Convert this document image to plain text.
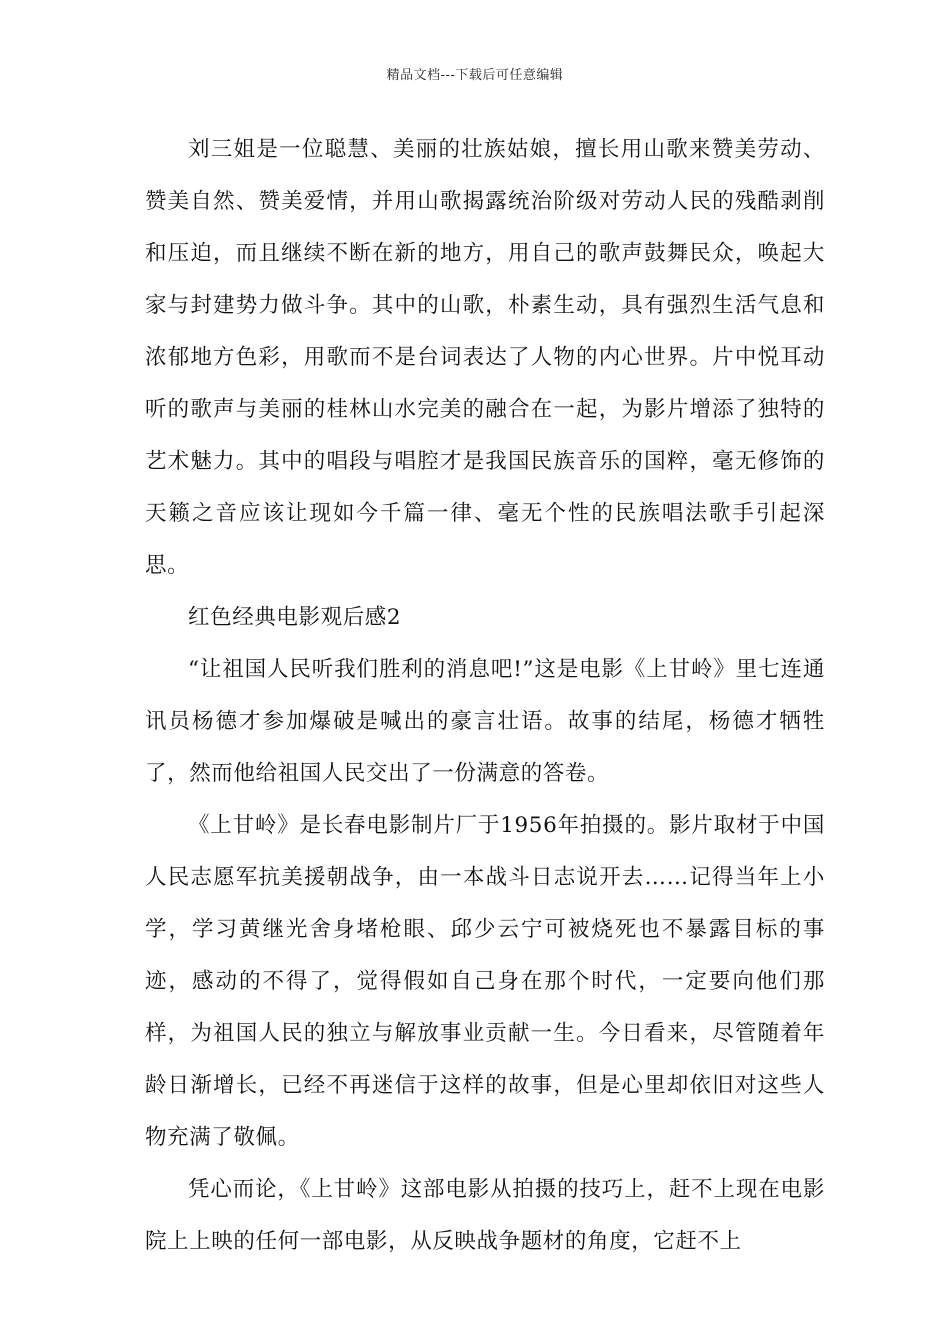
精品文档---下载后可任意编辑

刘三姐是一位聪慧、美丽的壮族姑娘，擅长用山歌来赞美劳动、赞美自然、赞美爱情，并用山歌揭露统治阶级对劳动人民的残酷剥削和压迫，而且继续不断在新的地方，用自己的歌声鼓舞民众，唤起大家与封建势力做斗争。其中的山歌，朴素生动，具有强烈生活气息和浓郁地方色彩，用歌而不是台词表达了人物的内心世界。片中悦耳动听的歌声与美丽的桂林山水完美的融合在一起，为影片增添了独特的艺术魅力。其中的唱段与唱腔才是我国民族音乐的国粹，毫无修饰的天籁之音应该让现如今千篇一律、毫无个性的民族唱法歌手引起深思。

红色经典电影观后感2

“让祖国人民听我们胜利的消息吧!”这是电影《上甘岭》里七连通讯员杨德才参加爆破是喊出的豪言壮语。故事的结尾，杨德才牺牲了，然而他给祖国人民交出了一份满意的答卷。

《上甘岭》是长春电影制片厂于1956年拍摄的。影片取材于中国人民志愿军抗美援朝战争，由一本战斗日志说开去……记得当年上小学，学习黄继光舍身堵枪眼、邱少云宁可被烧死也不暴露目标的事迹，感动的不得了，觉得假如自己身在那个时代，一定要向他们那样，为祖国人民的独立与解放事业贡献一生。今日看来，尽管随着年龄日渐增长，已经不再迷信于这样的故事，但是心里却依旧对这些人物充满了敬佩。

凭心而论，《上甘岭》这部电影从拍摄的技巧上，赶不上现在电影院上上映的任何一部电影，从反映战争题材的角度，它赶不上
